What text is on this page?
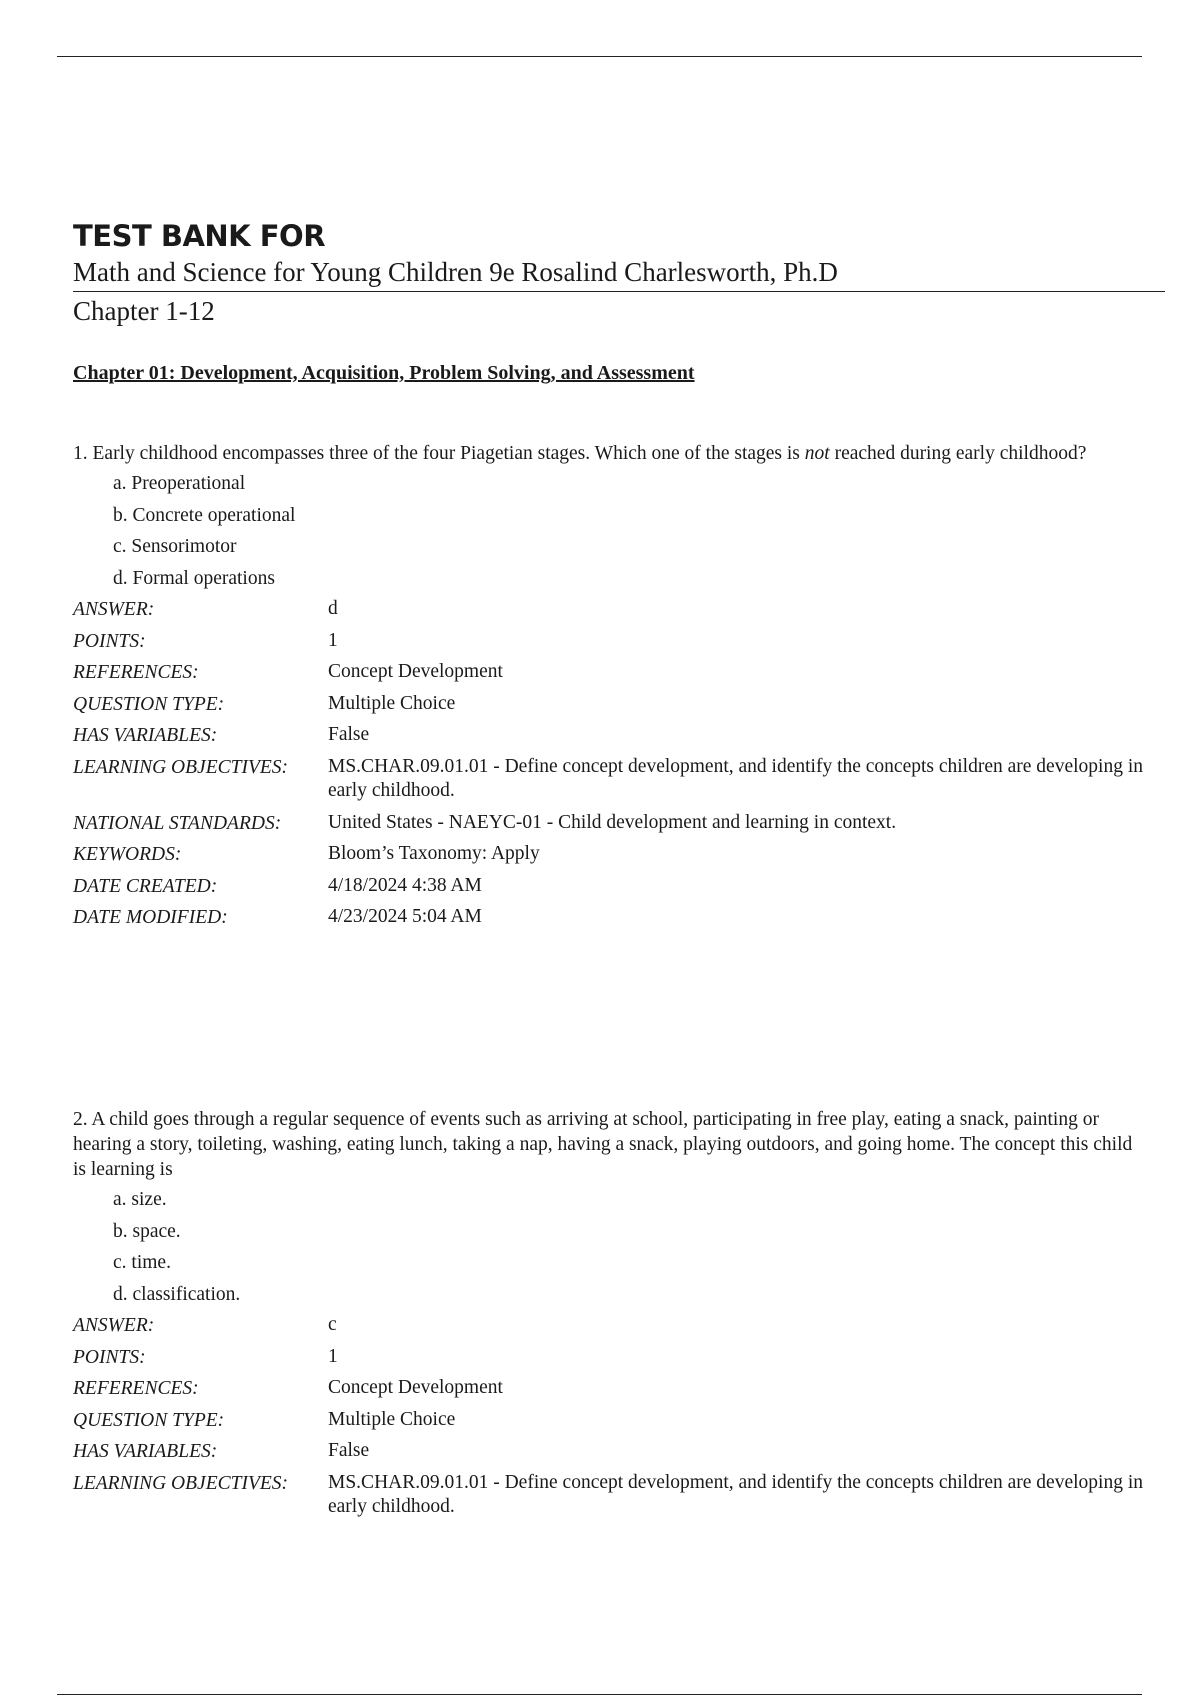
TEST BANK FOR
Math and Science for Young Children 9e Rosalind Charlesworth, Ph.D
Chapter 1-12
Chapter 01: Development, Acquisition, Problem Solving, and Assessment

1. Early childhood encompasses three of the four Piagetian stages. Which one of the stages is not reached during early childhood?

a. Preoperational
b. Concrete operational
c. Sensorimotor
d. Formal operations
ANSWER:	d
POINTS:	1
REFERENCES:	Concept Development
QUESTION TYPE:	Multiple Choice
HAS VARIABLES:	False
LEARNING OBJECTIVES:	MS.CHAR.09.01.01 - Define concept development, and identify the concepts children are developing in early childhood.
NATIONAL STANDARDS:	United States - NAEYC-01 - Child development and learning in context.
KEYWORDS:	Bloom’s Taxonomy: Apply
DATE CREATED:	4/18/2024 4:38 AM
DATE MODIFIED:	4/23/2024 5:04 AM

2. A child goes through a regular sequence of events such as arriving at school, participating in free play, eating a snack, painting or hearing a story, toileting, washing, eating lunch, taking a nap, having a snack, playing outdoors, and going home. The concept this child is learning is

a. size.
b. space.
c. time.
d. classification.
ANSWER:	c
POINTS:	1
REFERENCES:	Concept Development
QUESTION TYPE:	Multiple Choice
HAS VARIABLES:	False
LEARNING OBJECTIVES:	MS.CHAR.09.01.01 - Define concept development, and identify the concepts children are developing in early childhood.
